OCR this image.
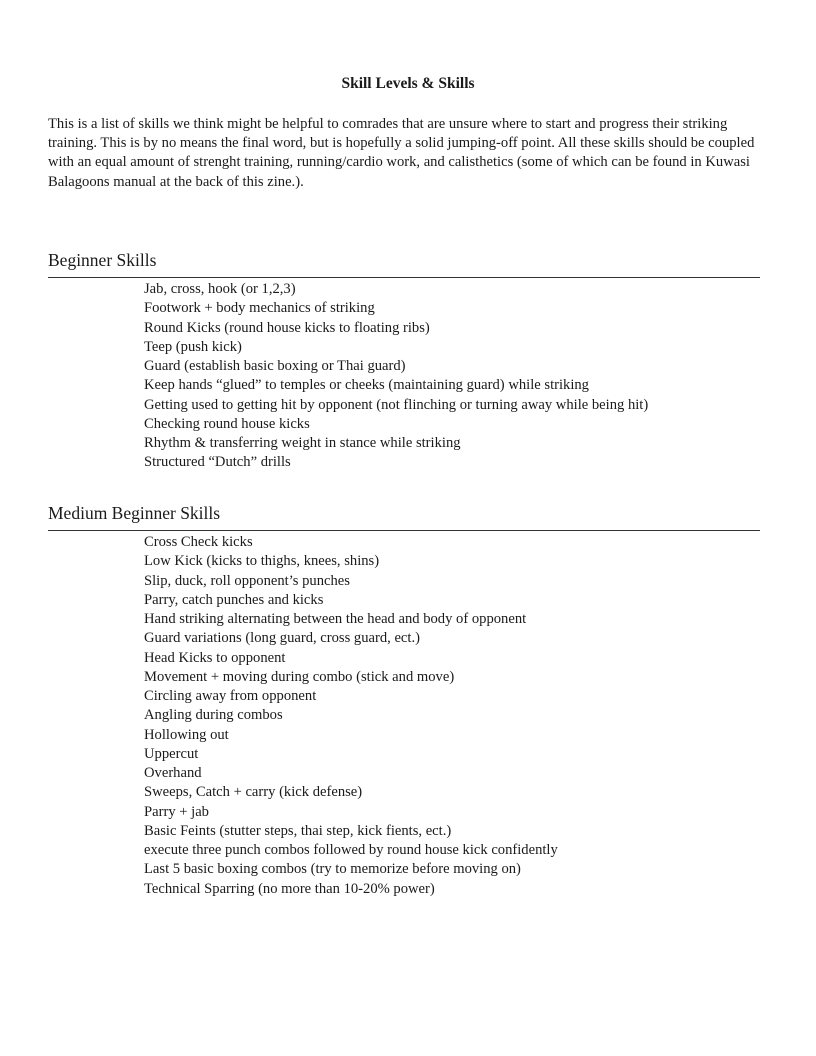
Skill Levels & Skills

This is a list of skills we think might be helpful to comrades that are unsure where to start and progress their striking training. This is by no means the final word, but is hopefully a solid jumping-off point. All these skills should be coupled with an equal amount of strenght training, running/cardio work, and calisthetics (some of which can be found in Kuwasi Balagoons manual at the back of this zine.).

Beginner Skills
Jab, cross, hook (or 1,2,3)
Footwork + body mechanics of striking
Round Kicks (round house kicks to floating ribs)
Teep (push kick)
Guard (establish basic boxing or Thai guard)
Keep hands “glued” to temples or cheeks (maintaining guard) while striking
Getting used to getting hit by opponent (not flinching or turning away while being hit)
Checking round house kicks
Rhythm & transferring weight in stance while striking
Structured “Dutch” drills
Medium Beginner Skills
Cross Check kicks
Low Kick (kicks to thighs, knees, shins)
Slip, duck, roll opponent’s punches
Parry, catch punches and kicks
Hand striking alternating between the head and body of opponent
Guard variations (long guard, cross guard, ect.)
Head Kicks to opponent
Movement + moving during combo (stick and move)
Circling away from opponent
Angling during combos
Hollowing out
Uppercut
Overhand
Sweeps, Catch + carry (kick defense)
Parry + jab
Basic Feints (stutter steps, thai step, kick fients, ect.)
execute three punch combos followed by round house kick confidently
Last 5 basic boxing combos (try to memorize before moving on)
Technical Sparring (no more than 10-20% power)
